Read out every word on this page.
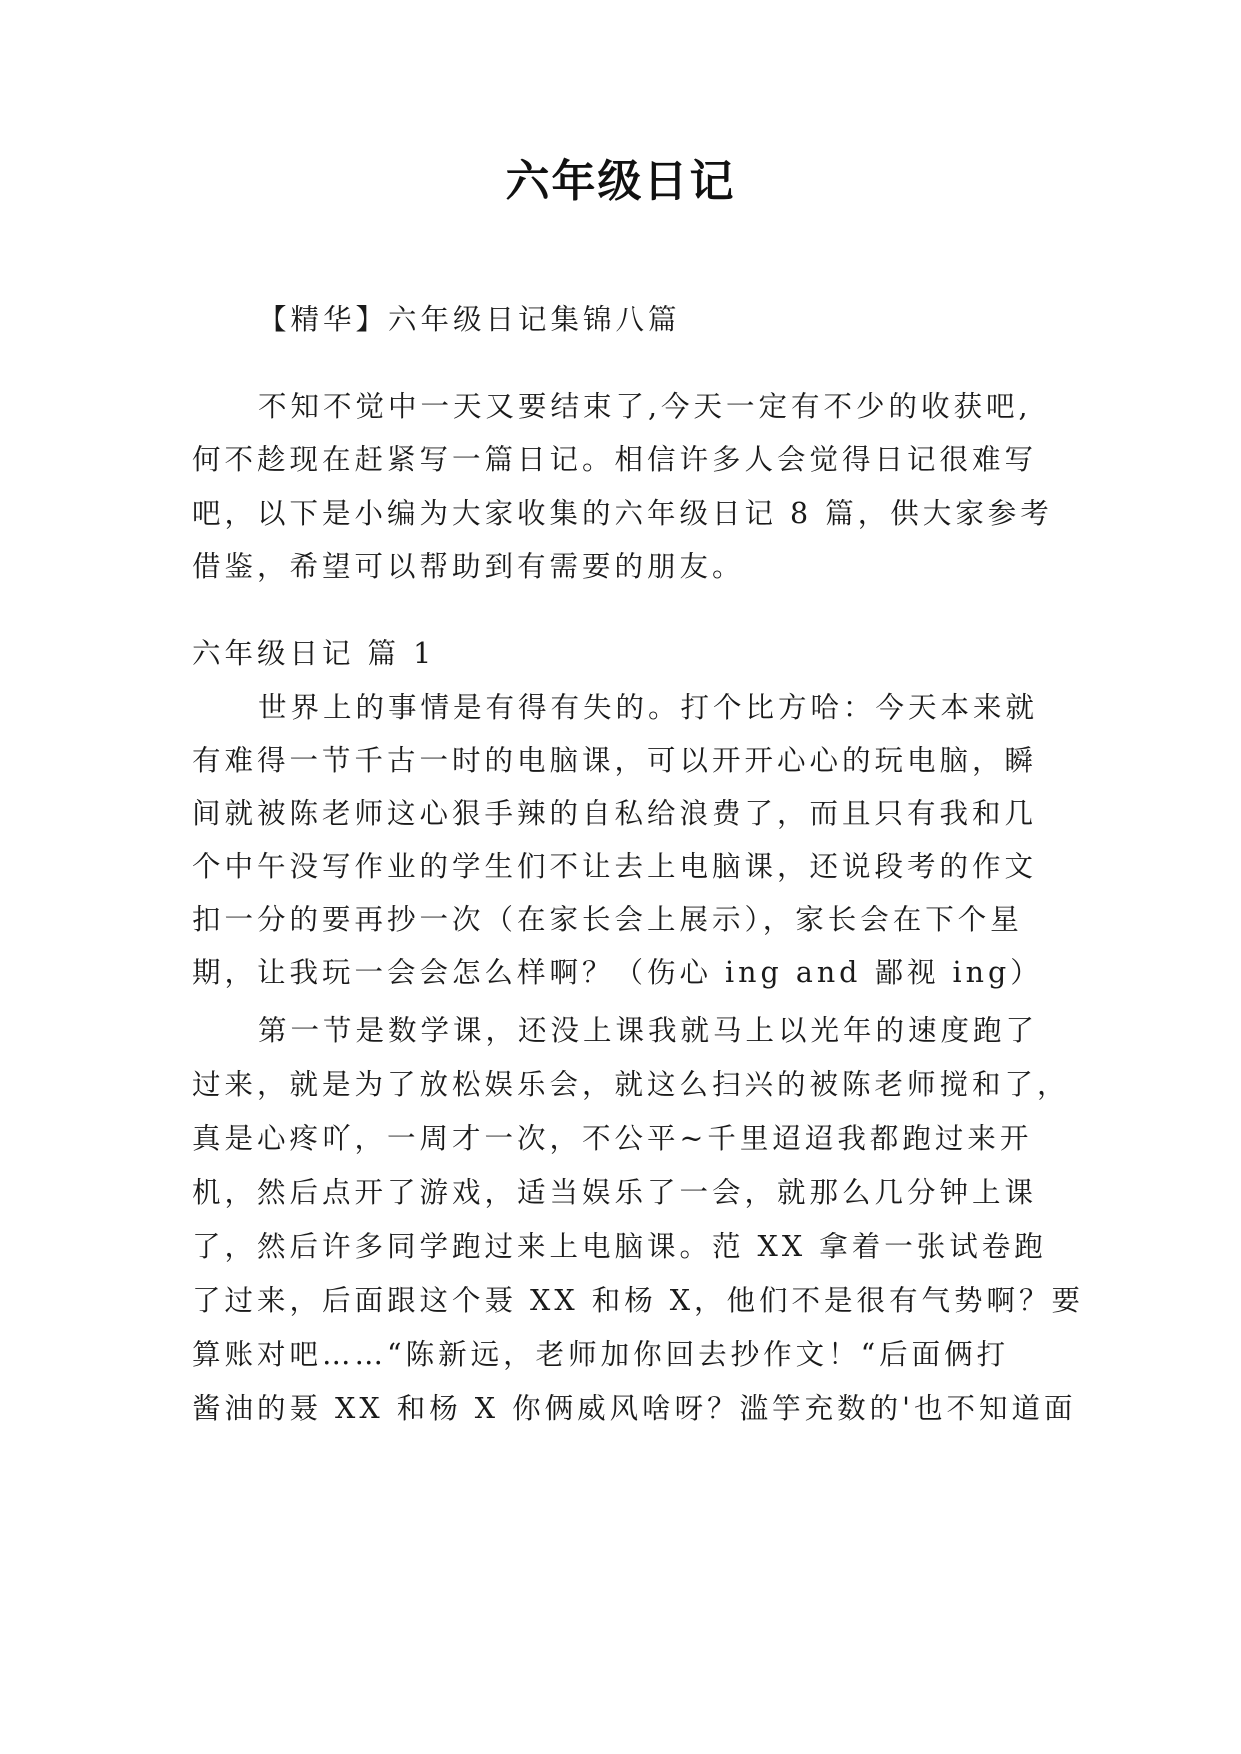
六年级日记
【精华】六年级日记集锦八篇
不知不觉中一天又要结束了,今天一定有不少的收获吧,
何不趁现在赶紧写一篇日记。相信许多人会觉得日记很难写
吧，以下是小编为大家收集的六年级日记 8 篇，供大家参考
借鉴，希望可以帮助到有需要的朋友。
六年级日记 篇 1
世界上的事情是有得有失的。打个比方哈：今天本来就
有难得一节千古一时的电脑课，可以开开心心的玩电脑，瞬
间就被陈老师这心狠手辣的自私给浪费了，而且只有我和几
个中午没写作业的学生们不让去上电脑课，还说段考的作文
扣一分的要再抄一次（在家长会上展示），家长会在下个星
期，让我玩一会会怎么样啊？（伤心 ing and 鄙视 ing）
第一节是数学课，还没上课我就马上以光年的速度跑了
过来，就是为了放松娱乐会，就这么扫兴的被陈老师搅和了，
真是心疼吖，一周才一次，不公平~千里迢迢我都跑过来开
机，然后点开了游戏，适当娱乐了一会，就那么几分钟上课
了，然后许多同学跑过来上电脑课。范 XX 拿着一张试卷跑
了过来，后面跟这个聂 XX 和杨 X，他们不是很有气势啊？要
算账对吧……“陈新远，老师加你回去抄作文！“后面俩打
酱油的聂 XX 和杨 X 你俩威风啥呀？滥竽充数的'也不知道面
